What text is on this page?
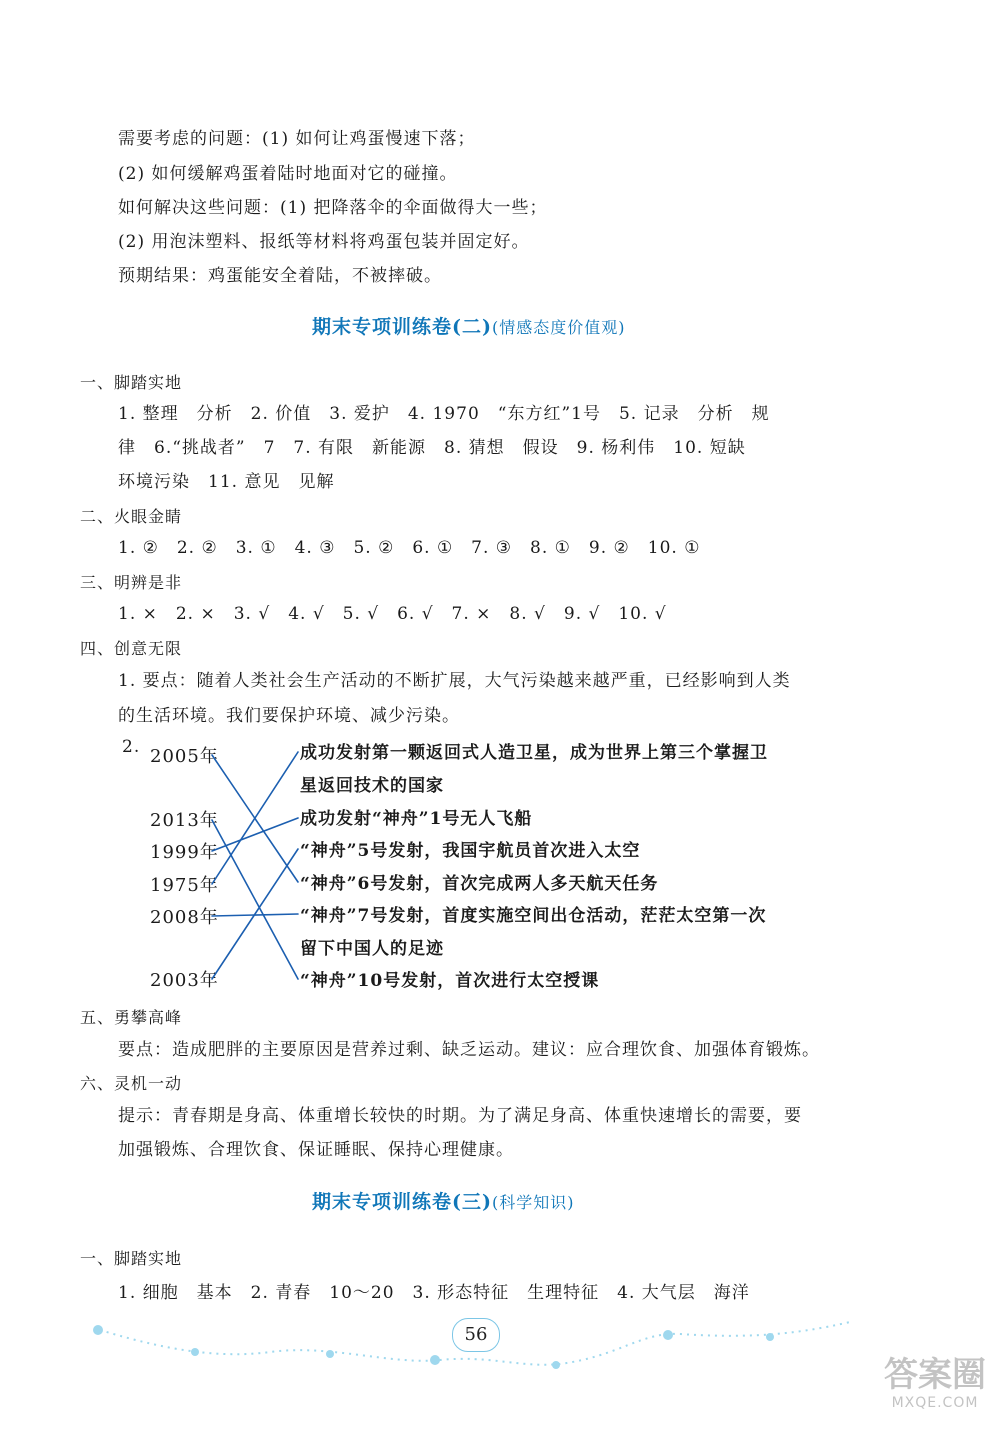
需要考虑的问题：(1) 如何让鸡蛋慢速下落；
(2) 如何缓解鸡蛋着陆时地面对它的碰撞。
如何解决这些问题：(1) 把降落伞的伞面做得大一些；
(2) 用泡沫塑料、报纸等材料将鸡蛋包装并固定好。
预期结果：鸡蛋能安全着陆，不被摔破。
期末专项训练卷(二)(情感态度价值观)
一、脚踏实地
1. 整理　分析　2. 价值　3. 爱护　4. 1970　“东方红”1号　5. 记录　分析　规
律　6.“挑战者”　7　7. 有限　新能源　8. 猜想　假设　9. 杨利伟　10. 短缺
环境污染　11. 意见　见解
二、火眼金睛
1. ②　2. ②　3. ①　4. ③　5. ②　6. ①　7. ③　8. ①　9. ②　10. ①
三、明辨是非
1. ×　2. ×　3. √　4. √　5. √　6. √　7. ×　8. √　9. √　10. √
四、创意无限
1. 要点：随着人类社会生产活动的不断扩展，大气污染越来越严重，已经影响到人类
的生活环境。我们要保护环境、减少污染。
2. 2005年
2013年
1999年
1975年
2008年
2003年
成功发射第一颗返回式人造卫星，成为世界上第三个掌握卫
星返回技术的国家
成功发射“神舟”1号无人飞船
“神舟”5号发射，我国宇航员首次进入太空
“神舟”6号发射，首次完成两人多天航天任务
“神舟”7号发射，首度实施空间出仓活动，茫茫太空第一次
留下中国人的足迹
“神舟”10号发射，首次进行太空授课
五、勇攀高峰
要点：造成肥胖的主要原因是营养过剩、缺乏运动。建议：应合理饮食、加强体育锻炼。
六、灵机一动
提示：青春期是身高、体重增长较快的时期。为了满足身高、体重快速增长的需要，要
加强锻炼、合理饮食、保证睡眠、保持心理健康。
期末专项训练卷(三)(科学知识)
一、脚踏实地
1. 细胞　基本　2. 青春　10～20　3. 形态特征　生理特征　4. 大气层　海洋
56
答案圈
MXQE.COM
